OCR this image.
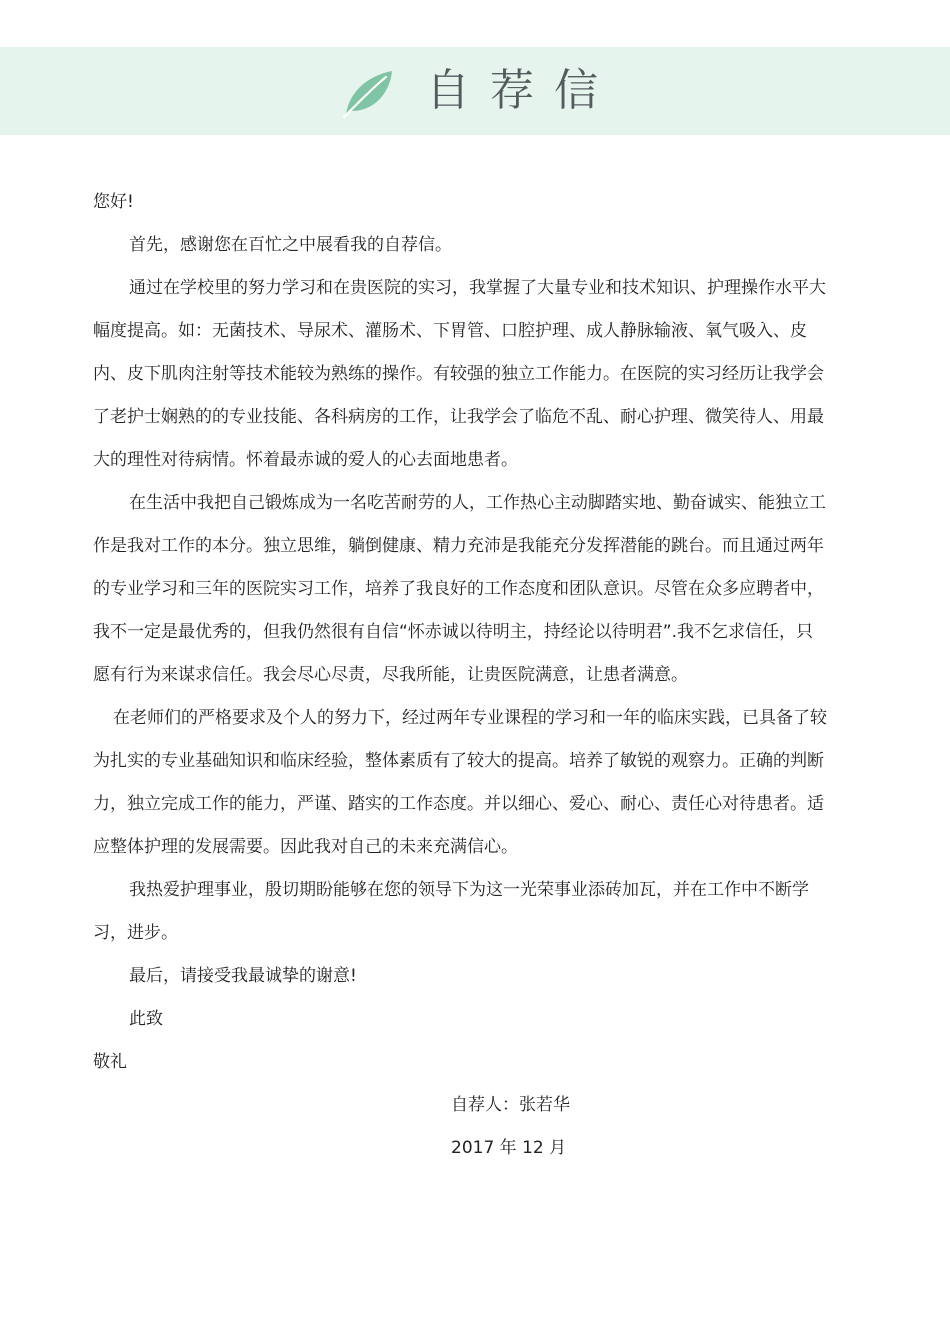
自荐信
您好!
首先，感谢您在百忙之中展看我的自荐信。
通过在学校里的努力学习和在贵医院的实习，我掌握了大量专业和技术知识、护理操作水平大
幅度提高。如：无菌技术、导尿术、灌肠术、下胃管、口腔护理、成人静脉输液、氧气吸入、皮
内、皮下肌肉注射等技术能较为熟练的操作。有较强的独立工作能力。在医院的实习经历让我学会
了老护士娴熟的的专业技能、各科病房的工作，让我学会了临危不乱、耐心护理、微笑待人、用最
大的理性对待病情。怀着最赤诚的爱人的心去面地患者。
在生活中我把自己锻炼成为一名吃苦耐劳的人，工作热心主动脚踏实地、勤奋诚实、能独立工
作是我对工作的本分。独立思维，躺倒健康、精力充沛是我能充分发挥潜能的跳台。而且通过两年
的专业学习和三年的医院实习工作，培养了我良好的工作态度和团队意识。尽管在众多应聘者中，
我不一定是最优秀的，但我仍然很有自信“怀赤诚以待明主，持经论以待明君”.我不乞求信任，只
愿有行为来谋求信任。我会尽心尽责，尽我所能，让贵医院满意，让患者满意。
在老师们的严格要求及个人的努力下，经过两年专业课程的学习和一年的临床实践，已具备了较
为扎实的专业基础知识和临床经验，整体素质有了较大的提高。培养了敏锐的观察力。正确的判断
力，独立完成工作的能力，严谨、踏实的工作态度。并以细心、爱心、耐心、责任心对待患者。适
应整体护理的发展需要。因此我对自己的未来充满信心。
我热爱护理事业，殷切期盼能够在您的领导下为这一光荣事业添砖加瓦，并在工作中不断学
习，进步。
最后，请接受我最诚挚的谢意!
此致
敬礼
自荐人：张若华
2017 年 12 月
